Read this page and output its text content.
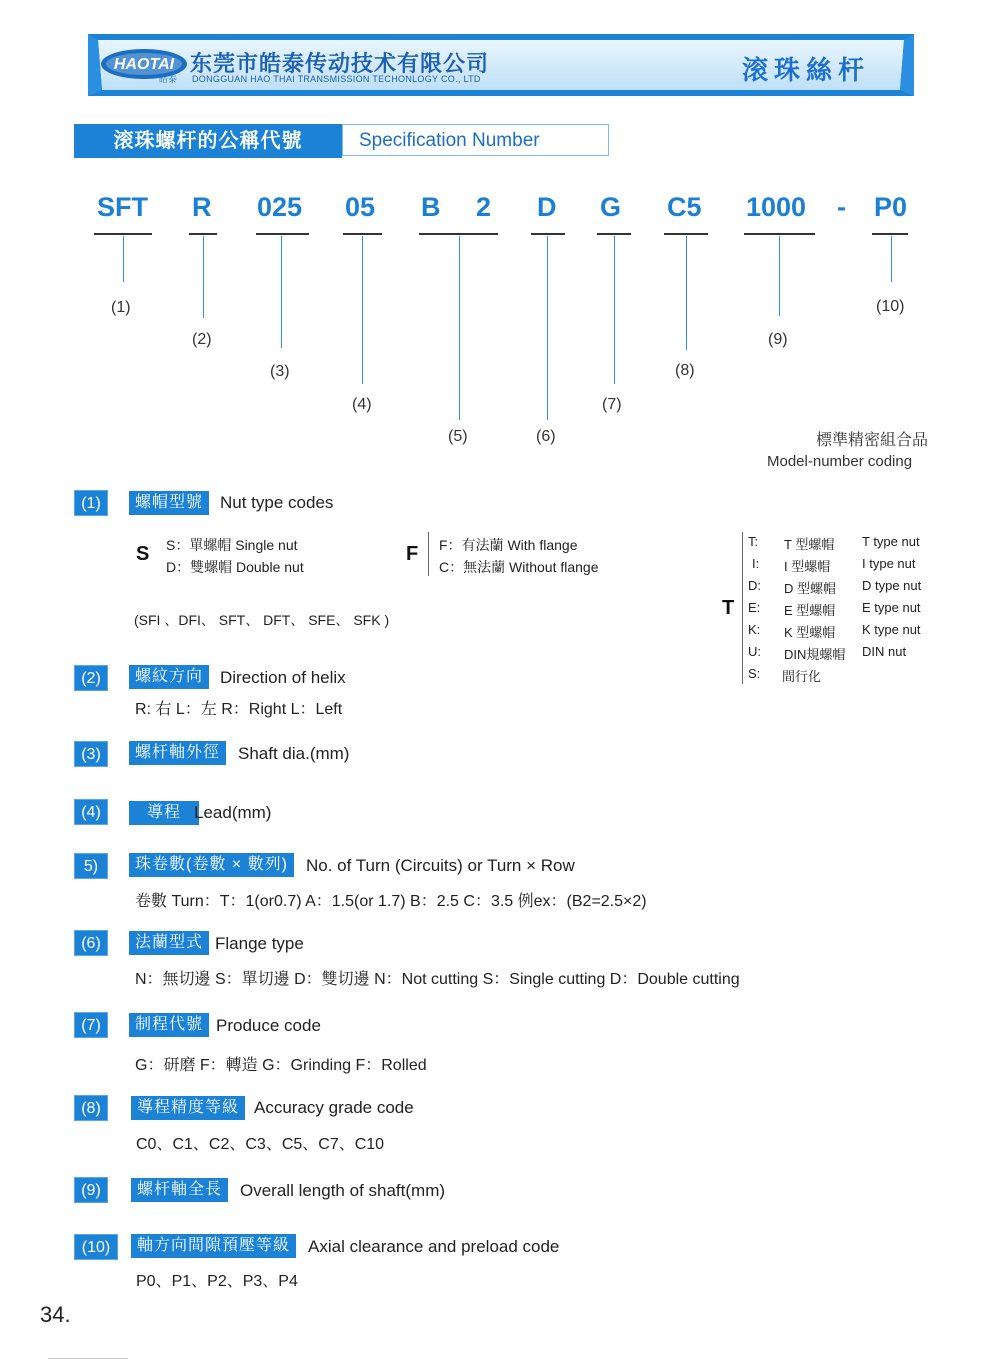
HAOTAI
皓泰
东莞市皓泰传动技术有限公司
DONGGUAN HAO THAI TRANSMISSION TECHONLOGY CO., LTD	滚珠絲杆
滚珠螺杆的公稱代號	Specification Number
SFT R 025 05 B 2 D G C5 1000 - P0
(1)
(2)
(3)
(4)
(5)	(6)
(7)
(8)
(9)
(10)
標準精密組合品
Model-number coding
(1)	螺帽型號 Nut type codes
S S：單螺帽 Single nut
D：雙螺帽 Double nut
F F：有法蘭 With flange
C：無法蘭 Without flange
(SFI 、DFI、 SFT、 DFT、 SFE、 SFK )
T
T: T 型螺帽 T type nut
I: I 型螺帽 I type nut
D: D 型螺帽 D type nut
E: E 型螺帽 E type nut
K: K 型螺帽 K type nut
U: DIN規螺帽 DIN nut
S: 間行化
(2)	螺紋方向 Direction of helix
R: 右 L：左 R：Right L：Left
(3)	螺杆軸外徑	Shaft dia.(mm)
(4)	導程 Lead(mm)
5)	珠卷數(卷數 × 數列)	No. of Turn (Circuits) or Turn × Row
卷數 Turn：T：1(or0.7) A：1.5(or 1.7) B：2.5 C：3.5 例ex：(B2=2.5×2)
(6)	法蘭型式 Flange type
N：無切邊 S：單切邊 D：雙切邊 N：Not cutting S：Single cutting D：Double cutting
(7)	制程代號 Produce code
G：研磨 F：轉造 G：Grinding F：Rolled
(8)	導程精度等級 Accuracy grade code
C0、C1、C2、C3、C5、C7、C10
(9)	螺杆軸全長	Overall length of shaft(mm)
(10)	軸方向間隙預壓等級	Axial clearance and preload code
P0、P1、P2、P3、P4
34.
